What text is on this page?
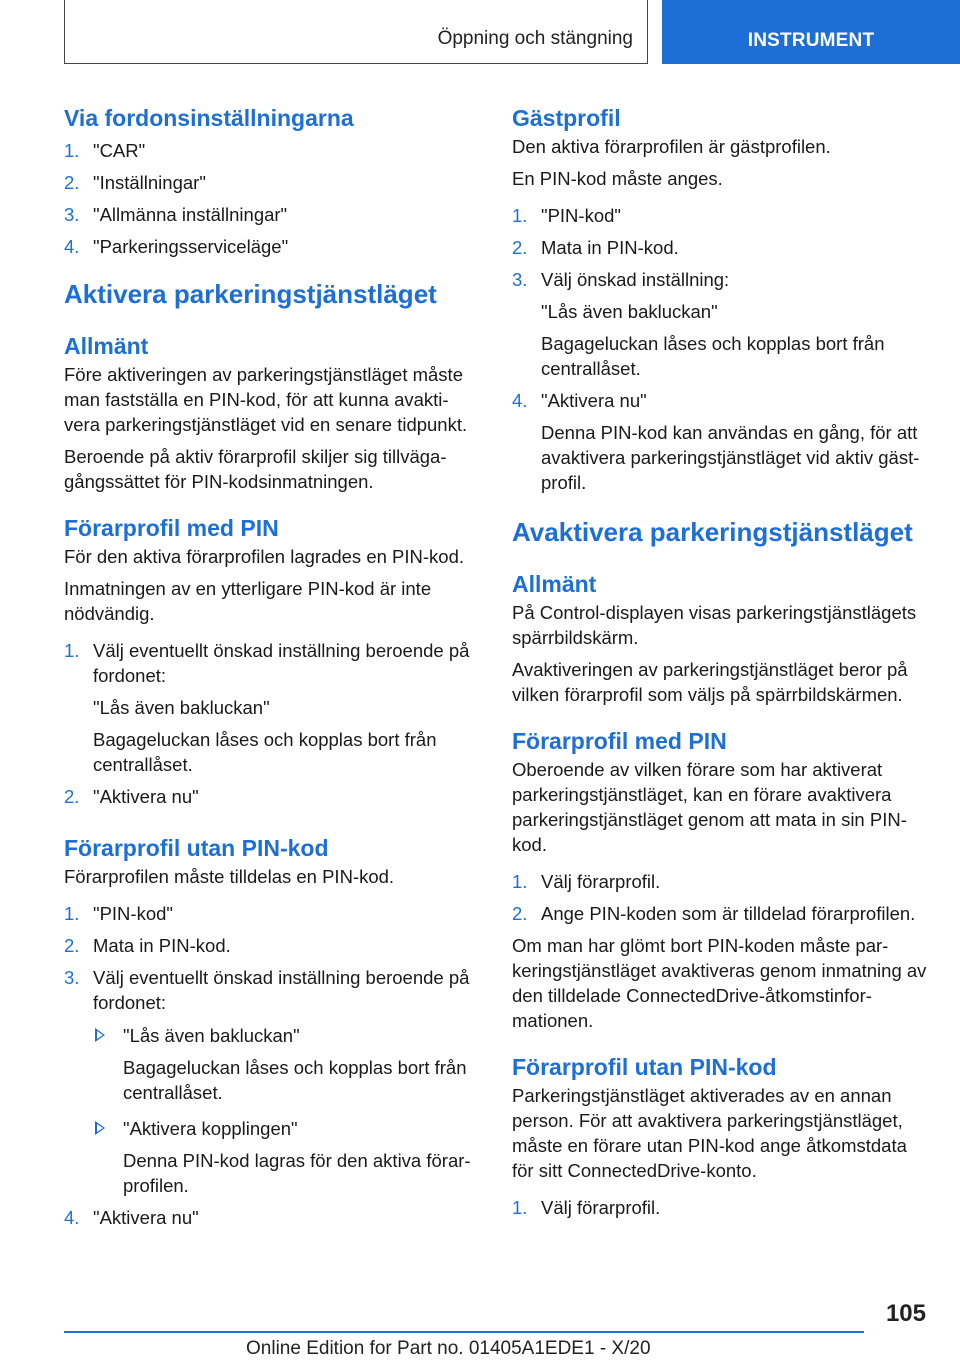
Öppning och stängning	INSTRUMENT
Via fordonsinställningarna
1. "CAR"
2. "Inställningar"
3. "Allmänna inställningar"
4. "Parkeringsserviceläge"
Aktivera parkeringstjänstläget
Allmänt

Före aktiveringen av parkeringstjänstläget måste man fastställa en PIN-kod, för att kunna avakti-vera parkeringstjänstläget vid en senare tidpunkt.

Beroende på aktiv förarprofil skiljer sig tillväga-gångssättet för PIN-kodsinmatningen.

Förarprofil med PIN

För den aktiva förarprofilen lagrades en PIN-kod.

Inmatningen av en ytterligare PIN-kod är inte nödvändig.

1. Välj eventuellt önskad inställning beroende på fordonet:
"Lås även bakluckan"
Bagageluckan låses och kopplas bort från centrallåset.
2. "Aktivera nu"
Förarprofil utan PIN-kod

Förarprofilen måste tilldelas en PIN-kod.

1. "PIN-kod"
2. Mata in PIN-kod.
3. Välj eventuellt önskad inställning beroende på fordonet:
"Lås även bakluckan"
Bagageluckan låses och kopplas bort från centrallåset.
"Aktivera kopplingen"
Denna PIN-kod lagras för den aktiva förar-profilen.
4. "Aktivera nu"
Gästprofil

Den aktiva förarprofilen är gästprofilen.

En PIN-kod måste anges.

1. "PIN-kod"
2. Mata in PIN-kod.
3. Välj önskad inställning:
"Lås även bakluckan"
Bagageluckan låses och kopplas bort från centrallåset.
4. "Aktivera nu"
Denna PIN-kod kan användas en gång, för att avaktivera parkeringstjänstläget vid aktiv gäst-profil.
Avaktivera parkeringstjänstläget
Allmänt

På Control-displayen visas parkeringstjänstlägets spärrbildskärm.

Avaktiveringen av parkeringstjänstläget beror på vilken förarprofil som väljs på spärrbildskärmen.

Förarprofil med PIN

Oberoende av vilken förare som har aktiverat parkeringstjänstläget, kan en förare avaktivera parkeringstjänstläget genom att mata in sin PIN-kod.

1. Välj förarprofil.
2. Ange PIN-koden som är tilldelad förarprofilen.

Om man har glömt bort PIN-koden måste par-keringstjänstläget avaktiveras genom inmatning av den tilldelade ConnectedDrive-åtkomstinfor-mationen.

Förarprofil utan PIN-kod

Parkeringstjänstläget aktiverades av en annan person. För att avaktivera parkeringstjänstläget, måste en förare utan PIN-kod ange åtkomstdata för sitt ConnectedDrive-konto.

1. Välj förarprofil.
105
Online Edition for Part no. 01405A1EDE1 - X/20
